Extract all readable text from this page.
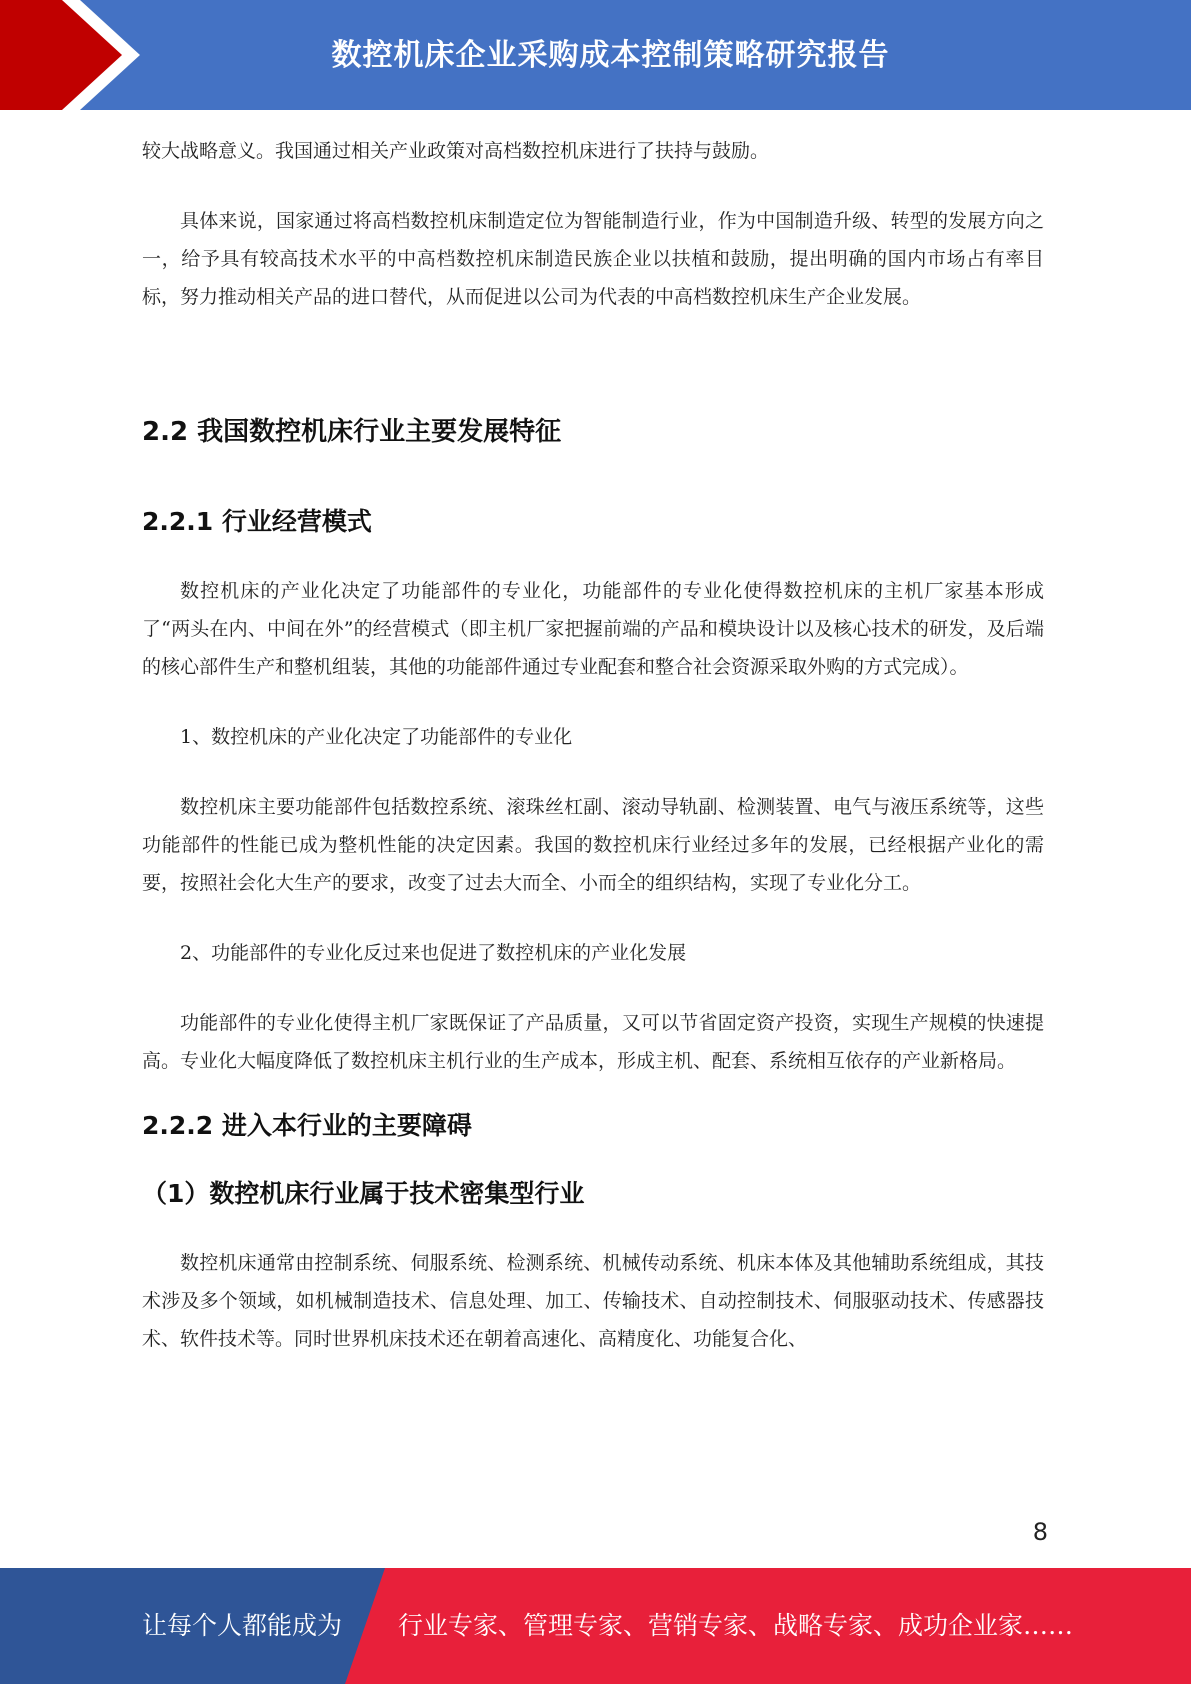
数控机床企业采购成本控制策略研究报告

较大战略意义。我国通过相关产业政策对高档数控机床进行了扶持与鼓励。

具体来说，国家通过将高档数控机床制造定位为智能制造行业，作为中国制造升级、转型的发展方向之一，给予具有较高技术水平的中高档数控机床制造民族企业以扶植和鼓励，提出明确的国内市场占有率目标，努力推动相关产品的进口替代，从而促进以公司为代表的中高档数控机床生产企业发展。

2.2 我国数控机床行业主要发展特征
2.2.1 行业经营模式

数控机床的产业化决定了功能部件的专业化，功能部件的专业化使得数控机床的主机厂家基本形成了“两头在内、中间在外”的经营模式（即主机厂家把握前端的产品和模块设计以及核心技术的研发，及后端的核心部件生产和整机组装，其他的功能部件通过专业配套和整合社会资源采取外购的方式完成）。

1、数控机床的产业化决定了功能部件的专业化

数控机床主要功能部件包括数控系统、滚珠丝杠副、滚动导轨副、检测装置、电气与液压系统等，这些功能部件的性能已成为整机性能的决定因素。我国的数控机床行业经过多年的发展，已经根据产业化的需要，按照社会化大生产的要求，改变了过去大而全、小而全的组织结构，实现了专业化分工。

2、功能部件的专业化反过来也促进了数控机床的产业化发展

功能部件的专业化使得主机厂家既保证了产品质量，又可以节省固定资产投资，实现生产规模的快速提高。专业化大幅度降低了数控机床主机行业的生产成本，形成主机、配套、系统相互依存的产业新格局。

2.2.2 进入本行业的主要障碍
（1）数控机床行业属于技术密集型行业

数控机床通常由控制系统、伺服系统、检测系统、机械传动系统、机床本体及其他辅助系统组成，其技术涉及多个领域，如机械制造技术、信息处理、加工、传输技术、自动控制技术、伺服驱动技术、传感器技术、软件技术等。同时世界机床技术还在朝着高速化、高精度化、功能复合化、

8
让每个人都能成为 行业专家、管理专家、营销专家、战略专家、成功企业家……
